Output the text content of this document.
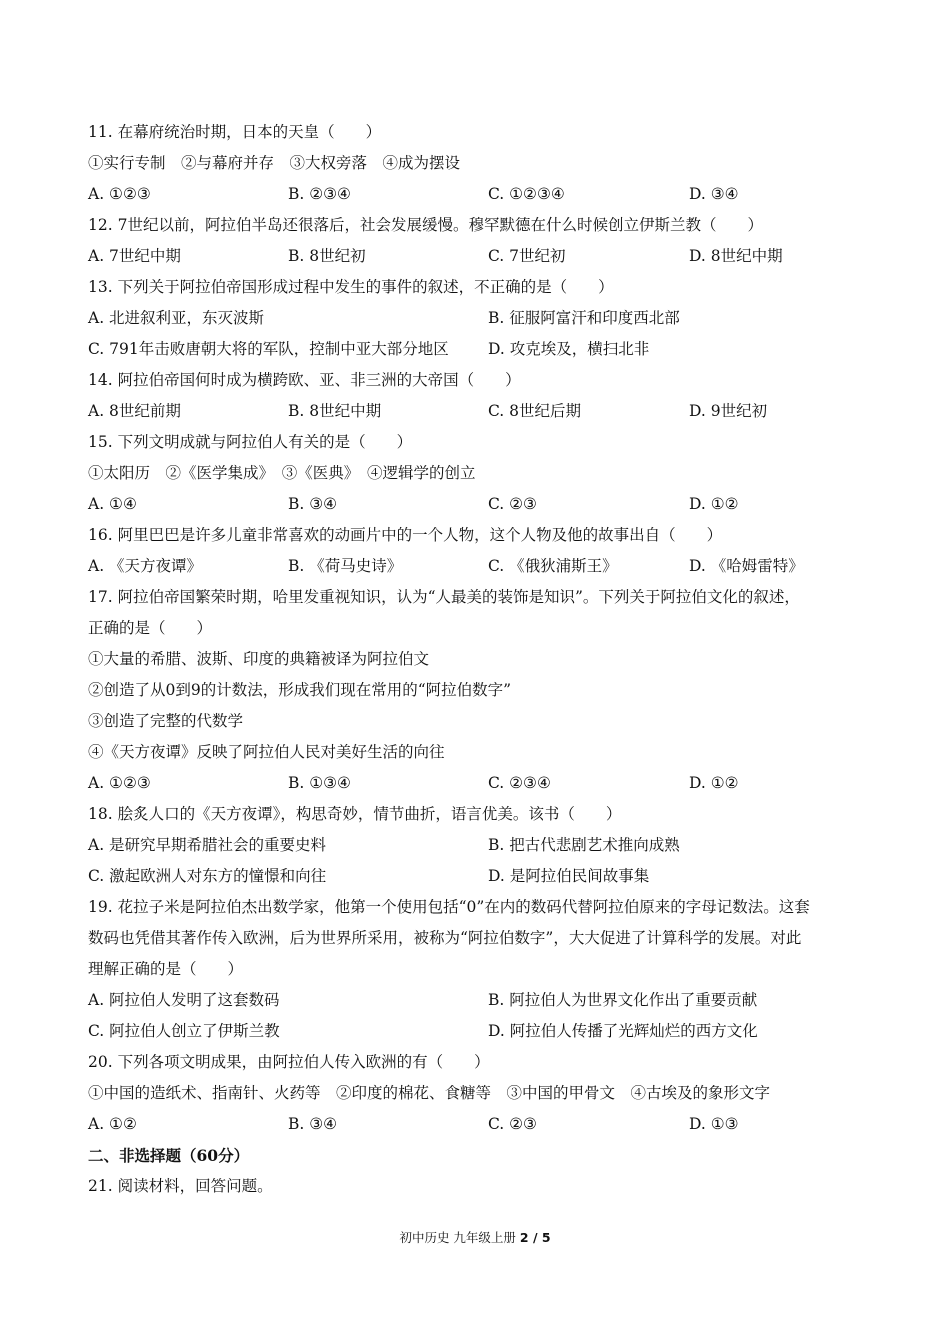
11. 在幕府统治时期，日本的天皇（　　）
①实行专制　②与幕府并存　③大权旁落　④成为摆设
A. ①②③	B. ②③④	C. ①②③④	D. ③④
12. 7世纪以前，阿拉伯半岛还很落后，社会发展缓慢。穆罕默德在什么时候创立伊斯兰教（　　）
A. 7世纪中期	B. 8世纪初	C. 7世纪初	D. 8世纪中期
13. 下列关于阿拉伯帝国形成过程中发生的事件的叙述，不正确的是（　　）
A. 北进叙利亚，东灭波斯	B. 征服阿富汗和印度西北部
C. 791年击败唐朝大将的军队，控制中亚大部分地区	D. 攻克埃及，横扫北非
14. 阿拉伯帝国何时成为横跨欧、亚、非三洲的大帝国（　　）
A. 8世纪前期	B. 8世纪中期	C. 8世纪后期	D. 9世纪初
15. 下列文明成就与阿拉伯人有关的是（　　）
①太阳历　②《医学集成》　③《医典》　④逻辑学的创立
A. ①④	B. ③④	C. ②③	D. ①②
16. 阿里巴巴是许多儿童非常喜欢的动画片中的一个人物，这个人物及他的故事出自（　　）
A. 《天方夜谭》	B. 《荷马史诗》	C. 《俄狄浦斯王》	D. 《哈姆雷特》
17. 阿拉伯帝国繁荣时期，哈里发重视知识，认为“人最美的装饰是知识”。下列关于阿拉伯文化的叙述，
正确的是（　　）
①大量的希腊、波斯、印度的典籍被译为阿拉伯文
②创造了从0到9的计数法，形成我们现在常用的“阿拉伯数字”
③创造了完整的代数学
④《天方夜谭》反映了阿拉伯人民对美好生活的向往
A. ①②③	B. ①③④	C. ②③④	D. ①②
18. 脍炙人口的《天方夜谭》，构思奇妙，情节曲折，语言优美。该书（　　）
A. 是研究早期希腊社会的重要史料	B. 把古代悲剧艺术推向成熟
C. 激起欧洲人对东方的憧憬和向往	D. 是阿拉伯民间故事集
19. 花拉子米是阿拉伯杰出数学家，他第一个使用包括“0”在内的数码代替阿拉伯原来的字母记数法。这套
数码也凭借其著作传入欧洲，后为世界所采用，被称为“阿拉伯数字”，大大促进了计算科学的发展。对此
理解正确的是（　　）
A. 阿拉伯人发明了这套数码	B. 阿拉伯人为世界文化作出了重要贡献
C. 阿拉伯人创立了伊斯兰教	D. 阿拉伯人传播了光辉灿烂的西方文化
20. 下列各项文明成果，由阿拉伯人传入欧洲的有（　　）
①中国的造纸术、指南针、火药等　②印度的棉花、食糖等　③中国的甲骨文　④古埃及的象形文字
A. ①②	B. ③④	C. ②③	D. ①③
二、非选择题（60分）
21. 阅读材料，回答问题。
初中历史 九年级上册 2 / 5
